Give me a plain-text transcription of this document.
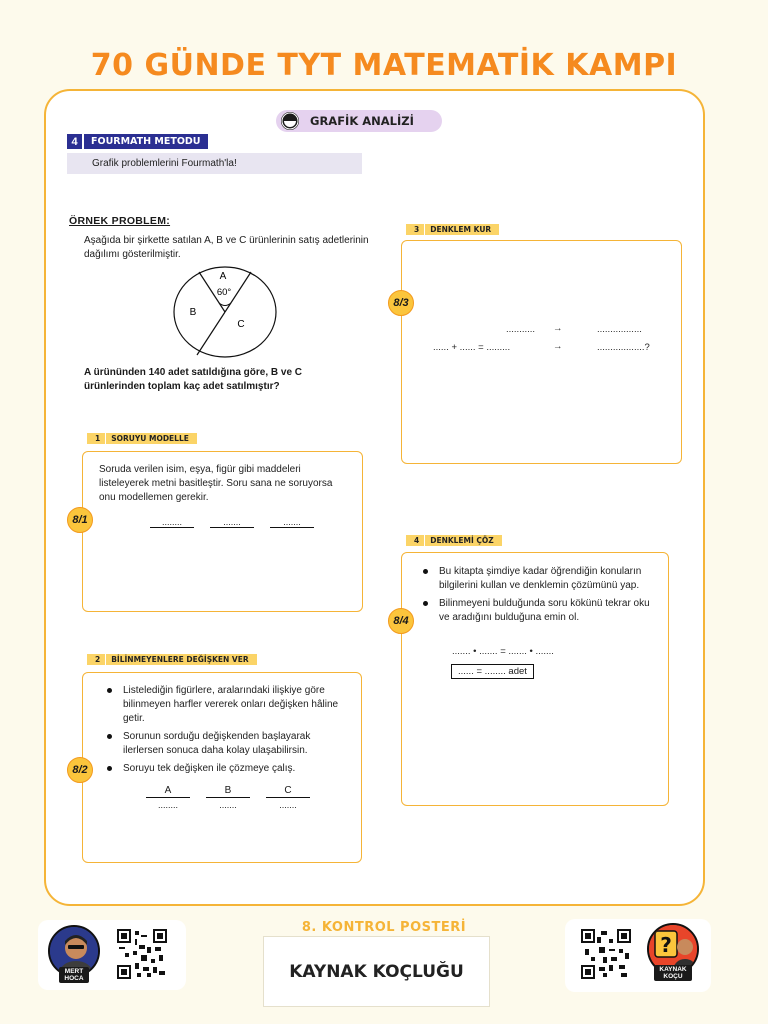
70 GÜNDE TYT MATEMATİK KAMPI
GRAFİK ANALİZİ
4	FOURMATH METODU
Grafik problemlerini Fourmath'la!
ÖRNEK PROBLEM:
Aşağıda bir şirkette satılan A, B ve C ürünlerinin satış adetlerinin dağılımı gösterilmiştir.
A
60°
B
C
A ürününden 140 adet satıldığına göre, B ve C ürünlerinden toplam kaç adet satılmıştır?
1	SORUYU MODELLE
Soruda verilen isim, eşya, figür gibi maddeleri listeleyerek metni basitleştir. Soru sana ne soruyorsa onu modellemen gerekir.
........	.......	.......
8/1
2	BİLİNMEYENLERE DEĞİŞKEN VER
Listelediğin figürlere, aralarındaki ilişkiye göre bilinmeyen harfler vererek onları değişken hâline getir.
Sorunun sorduğu değişkenden başlayarak ilerlersen sonuca daha kolay ulaşabilirsin.
Soruyu tek değişken ile çözmeye çalış.
A
........
B
.......
C
.......
8/2
3	DENKLEM KUR
........... →	.................
...... + ...... = .........	→	..................?
8/3
4	DENKLEMİ ÇÖZ
Bu kitapta şimdiye kadar öğrendiğin konuların bilgilerini kullan ve denklemin çözümünü yap.
Bilinmeyeni bulduğunda soru kökünü tekrar oku ve aradığını bulduğuna emin ol.
....... • ....... = ....... • .......
...... = ........ adet
8/4
8. KONTROL POSTERİ
MERT
HOCA	KAYNAK KOÇLUĞU
?
KAYNAK
KOÇU
